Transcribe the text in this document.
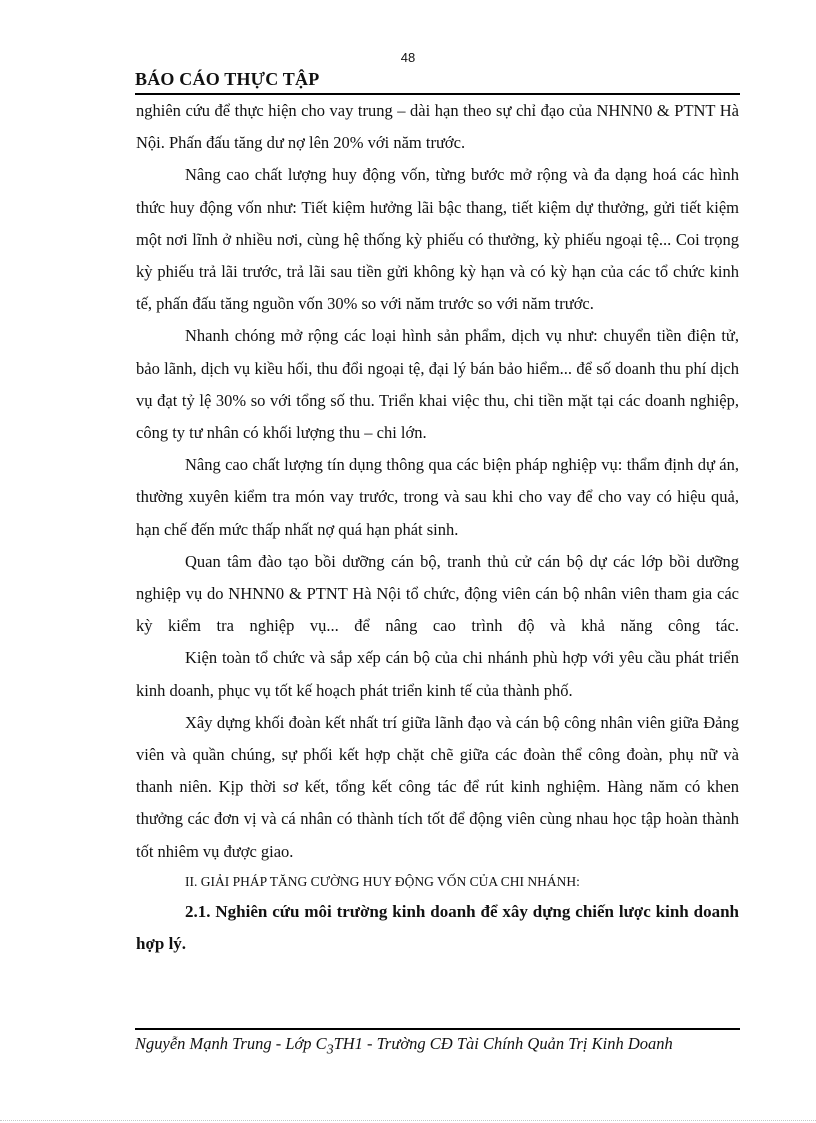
48
BÁO CÁO THỰC TẬP

nghiên cứu để thực hiện cho vay trung – dài hạn theo sự chỉ đạo của NHNN0 & PTNT Hà Nội. Phấn đấu tăng dư nợ lên 20% với năm trước.

Nâng cao chất lượng huy động vốn, từng bước mở rộng và đa dạng hoá các hình thức huy động vốn như: Tiết kiệm hưởng lãi bậc thang, tiết kiệm dự thưởng, gửi tiết kiệm một nơi lĩnh ở nhiều nơi, cùng hệ thống kỳ phiếu có thưởng, kỳ phiếu ngoại tệ... Coi trọng kỳ phiếu trả lãi trước, trả lãi sau tiền gửi không kỳ hạn và có kỳ hạn của các tổ chức kinh tế, phấn đấu tăng nguồn vốn 30% so với năm trước so với năm trước.

Nhanh chóng mở rộng các loại hình sản phẩm, dịch vụ như: chuyển tiền điện tử, bảo lãnh, dịch vụ kiều hối, thu đổi ngoại tệ, đại lý bán bảo hiểm... để số doanh thu phí dịch vụ đạt tỷ lệ 30% so với tổng số thu. Triển khai việc thu, chi tiền mặt tại các doanh nghiệp, công ty tư nhân có khối lượng thu – chi lớn.

Nâng cao chất lượng tín dụng thông qua các biện pháp nghiệp vụ: thẩm định dự án, thường xuyên kiểm tra món vay trước, trong và sau khi cho vay để cho vay có hiệu quả, hạn chế đến mức thấp nhất nợ quá hạn phát sinh.

Quan tâm đào tạo bồi dưỡng cán bộ, tranh thủ cử cán bộ dự các lớp bồi dưỡng nghiệp vụ do NHNN0 & PTNT Hà Nội tổ chức, động viên cán bộ nhân viên tham gia các kỳ kiểm tra nghiệp vụ... để nâng cao trình độ và khả năng công tác.

Kiện toàn tổ chức và sắp xếp cán bộ của chi nhánh phù hợp với yêu cầu phát triển kinh doanh, phục vụ tốt kế hoạch phát triển kinh tế của thành phố.

Xây dựng khối đoàn kết nhất trí giữa lãnh đạo và cán bộ công nhân viên giữa Đảng viên và quần chúng, sự phối kết hợp chặt chẽ giữa các đoàn thể công đoàn, phụ nữ và thanh niên. Kịp thời sơ kết, tổng kết công tác để rút kinh nghiệm. Hàng năm có khen thưởng các đơn vị và cá nhân có thành tích tốt để động viên cùng nhau học tập hoàn thành tốt nhiêm vụ được giao.

II. GIẢI PHÁP TĂNG CƯỜNG HUY ĐỘNG VỐN CỦA CHI NHÁNH:

2.1. Nghiên cứu môi trường kinh doanh để xây dựng chiến lược kinh doanh hợp lý.

Nguyễn Mạnh Trung - Lớp $C_3TH1$ - Trường CĐ Tài Chính Quản Trị Kinh Doanh
